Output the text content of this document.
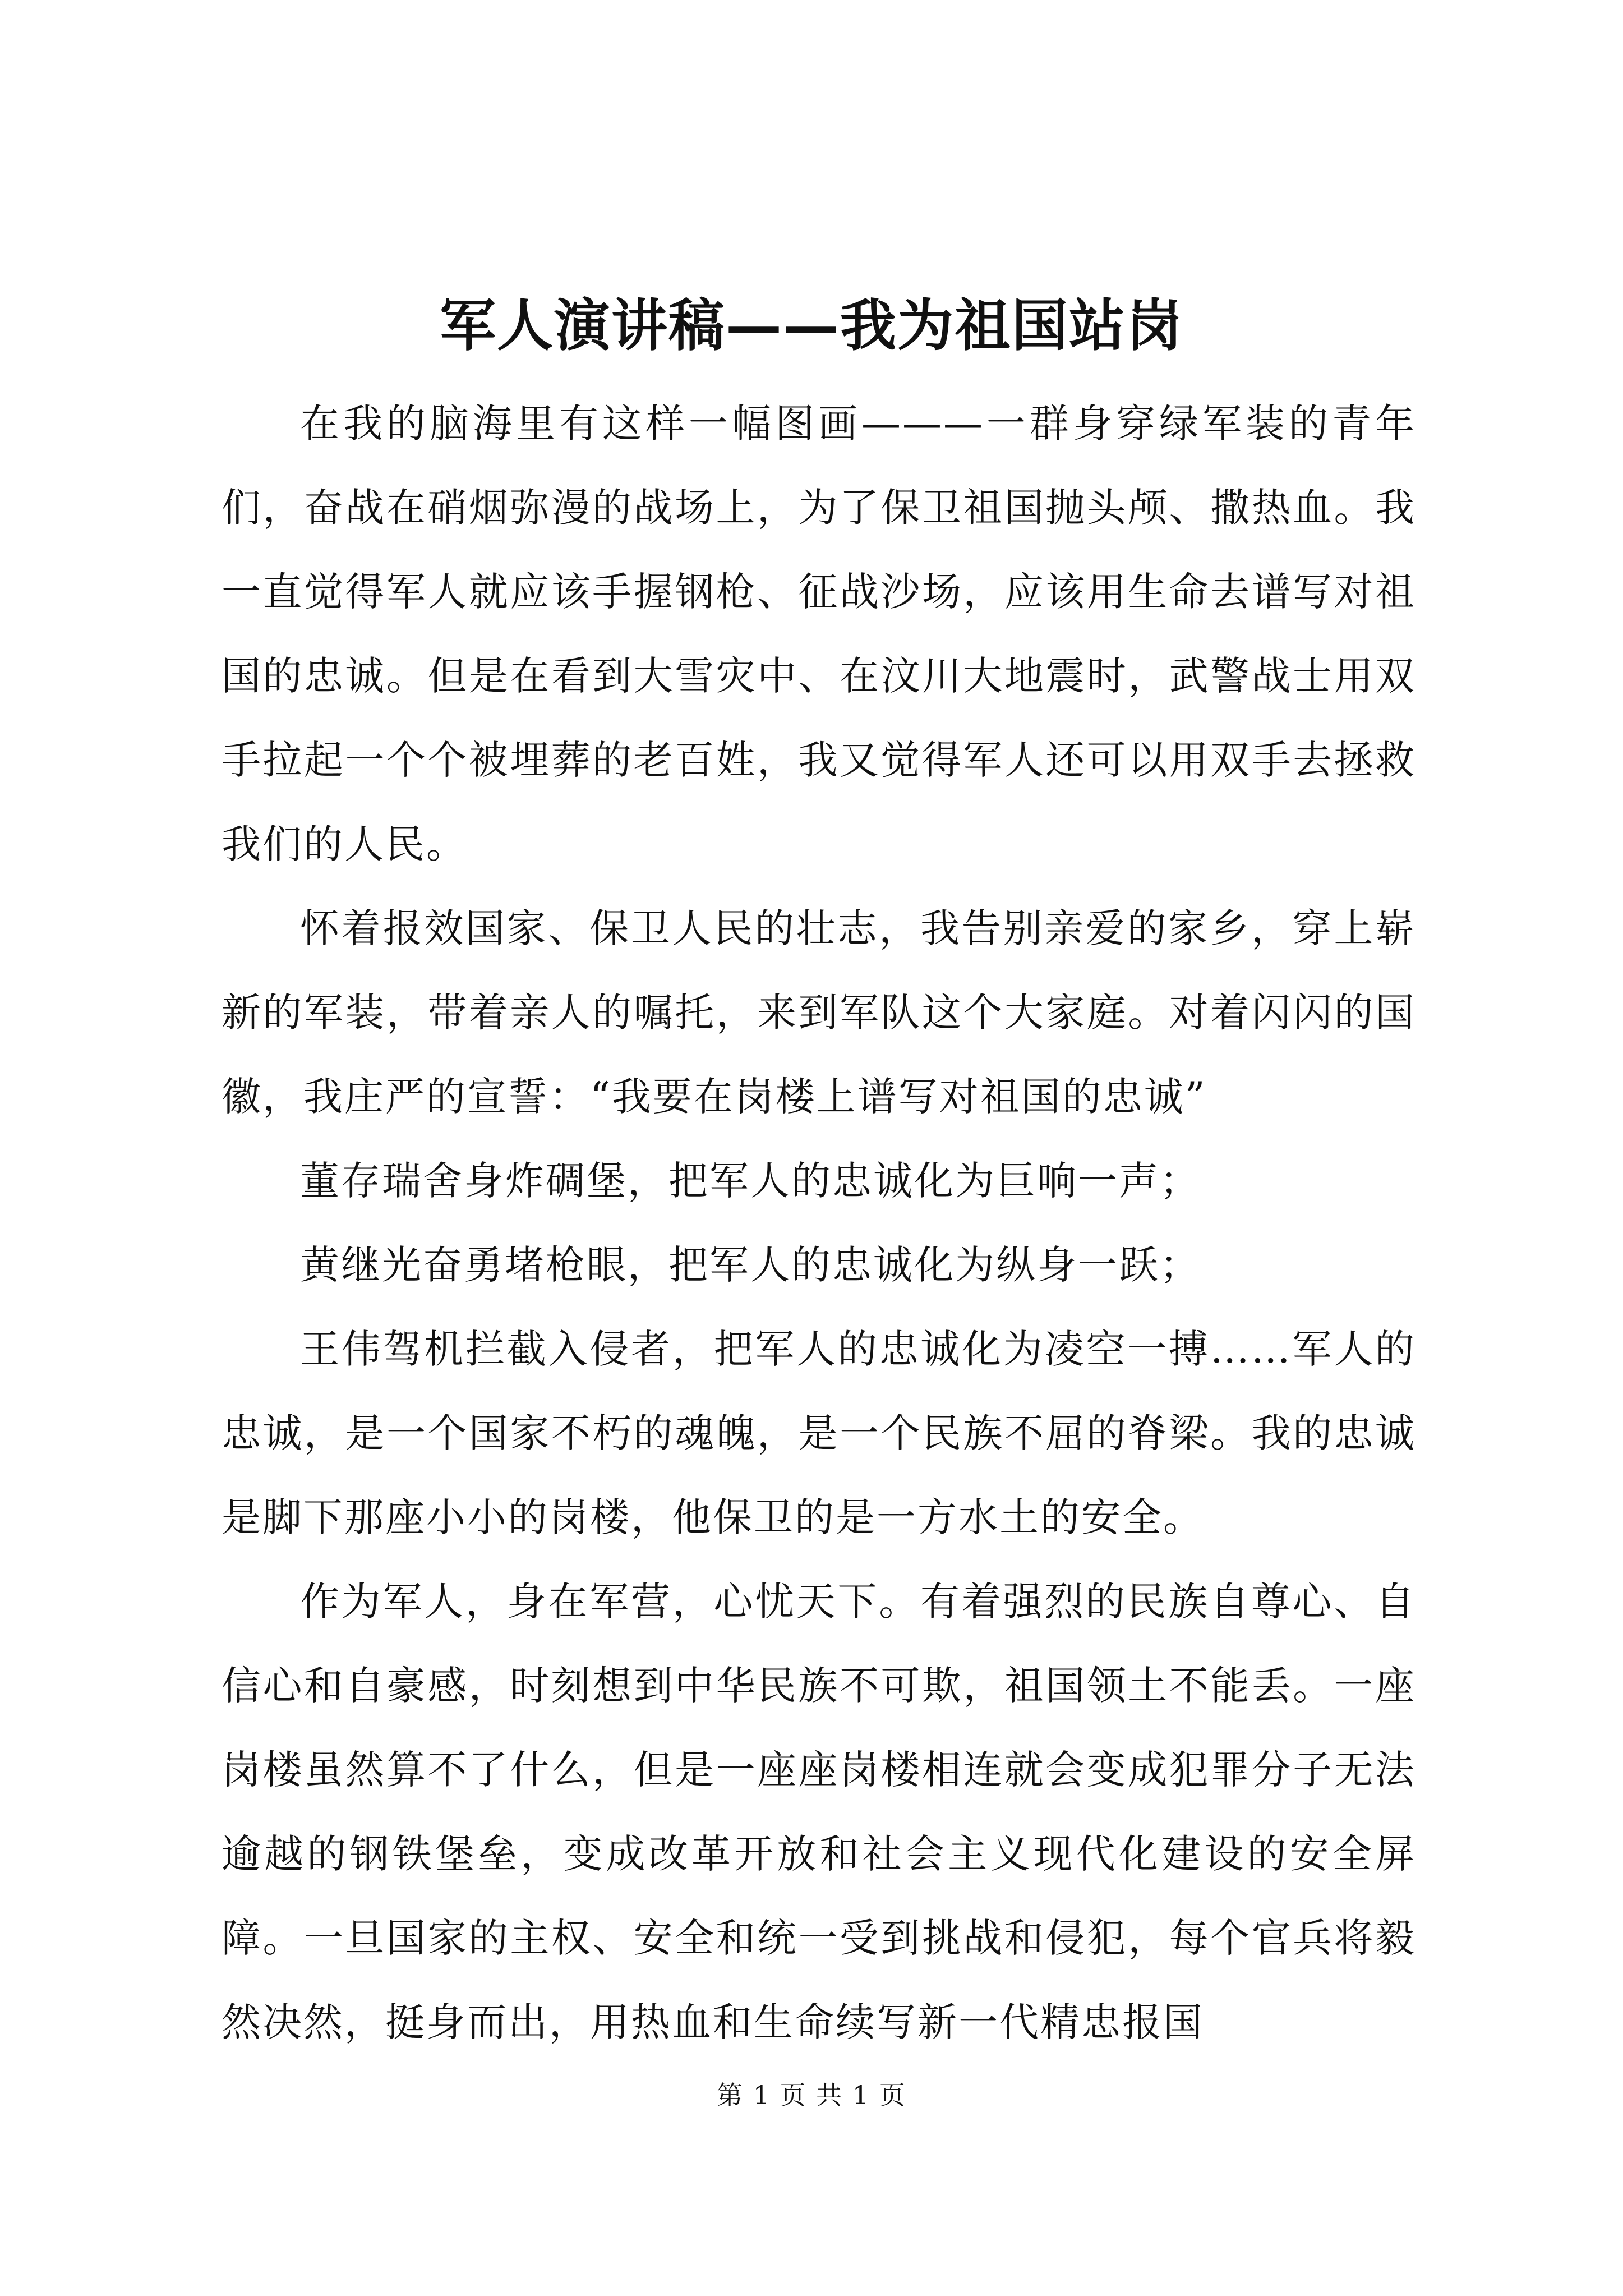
军人演讲稿——我为祖国站岗

在我的脑海里有这样一幅图画———一群身穿绿军装的青年们，奋战在硝烟弥漫的战场上，为了保卫祖国抛头颅、撒热血。我一直觉得军人就应该手握钢枪、征战沙场，应该用生命去谱写对祖国的忠诚。但是在看到大雪灾中、在汶川大地震时，武警战士用双手拉起一个个被埋葬的老百姓，我又觉得军人还可以用双手去拯救我们的人民。

怀着报效国家、保卫人民的壮志，我告别亲爱的家乡，穿上崭新的军装，带着亲人的嘱托，来到军队这个大家庭。对着闪闪的国徽，我庄严的宣誓：“我要在岗楼上谱写对祖国的忠诚”

董存瑞舍身炸碉堡，把军人的忠诚化为巨响一声；

黄继光奋勇堵枪眼，把军人的忠诚化为纵身一跃；

王伟驾机拦截入侵者，把军人的忠诚化为凌空一搏……军人的忠诚，是一个国家不朽的魂魄，是一个民族不屈的脊梁。我的忠诚是脚下那座小小的岗楼，他保卫的是一方水土的安全。

作为军人，身在军营，心忧天下。有着强烈的民族自尊心、自信心和自豪感，时刻想到中华民族不可欺，祖国领土不能丢。一座岗楼虽然算不了什么，但是一座座岗楼相连就会变成犯罪分子无法逾越的钢铁堡垒，变成改革开放和社会主义现代化建设的安全屏障。一旦国家的主权、安全和统一受到挑战和侵犯，每个官兵将毅然决然，挺身而出，用热血和生命续写新一代精忠报国

第 1 页 共 1 页
